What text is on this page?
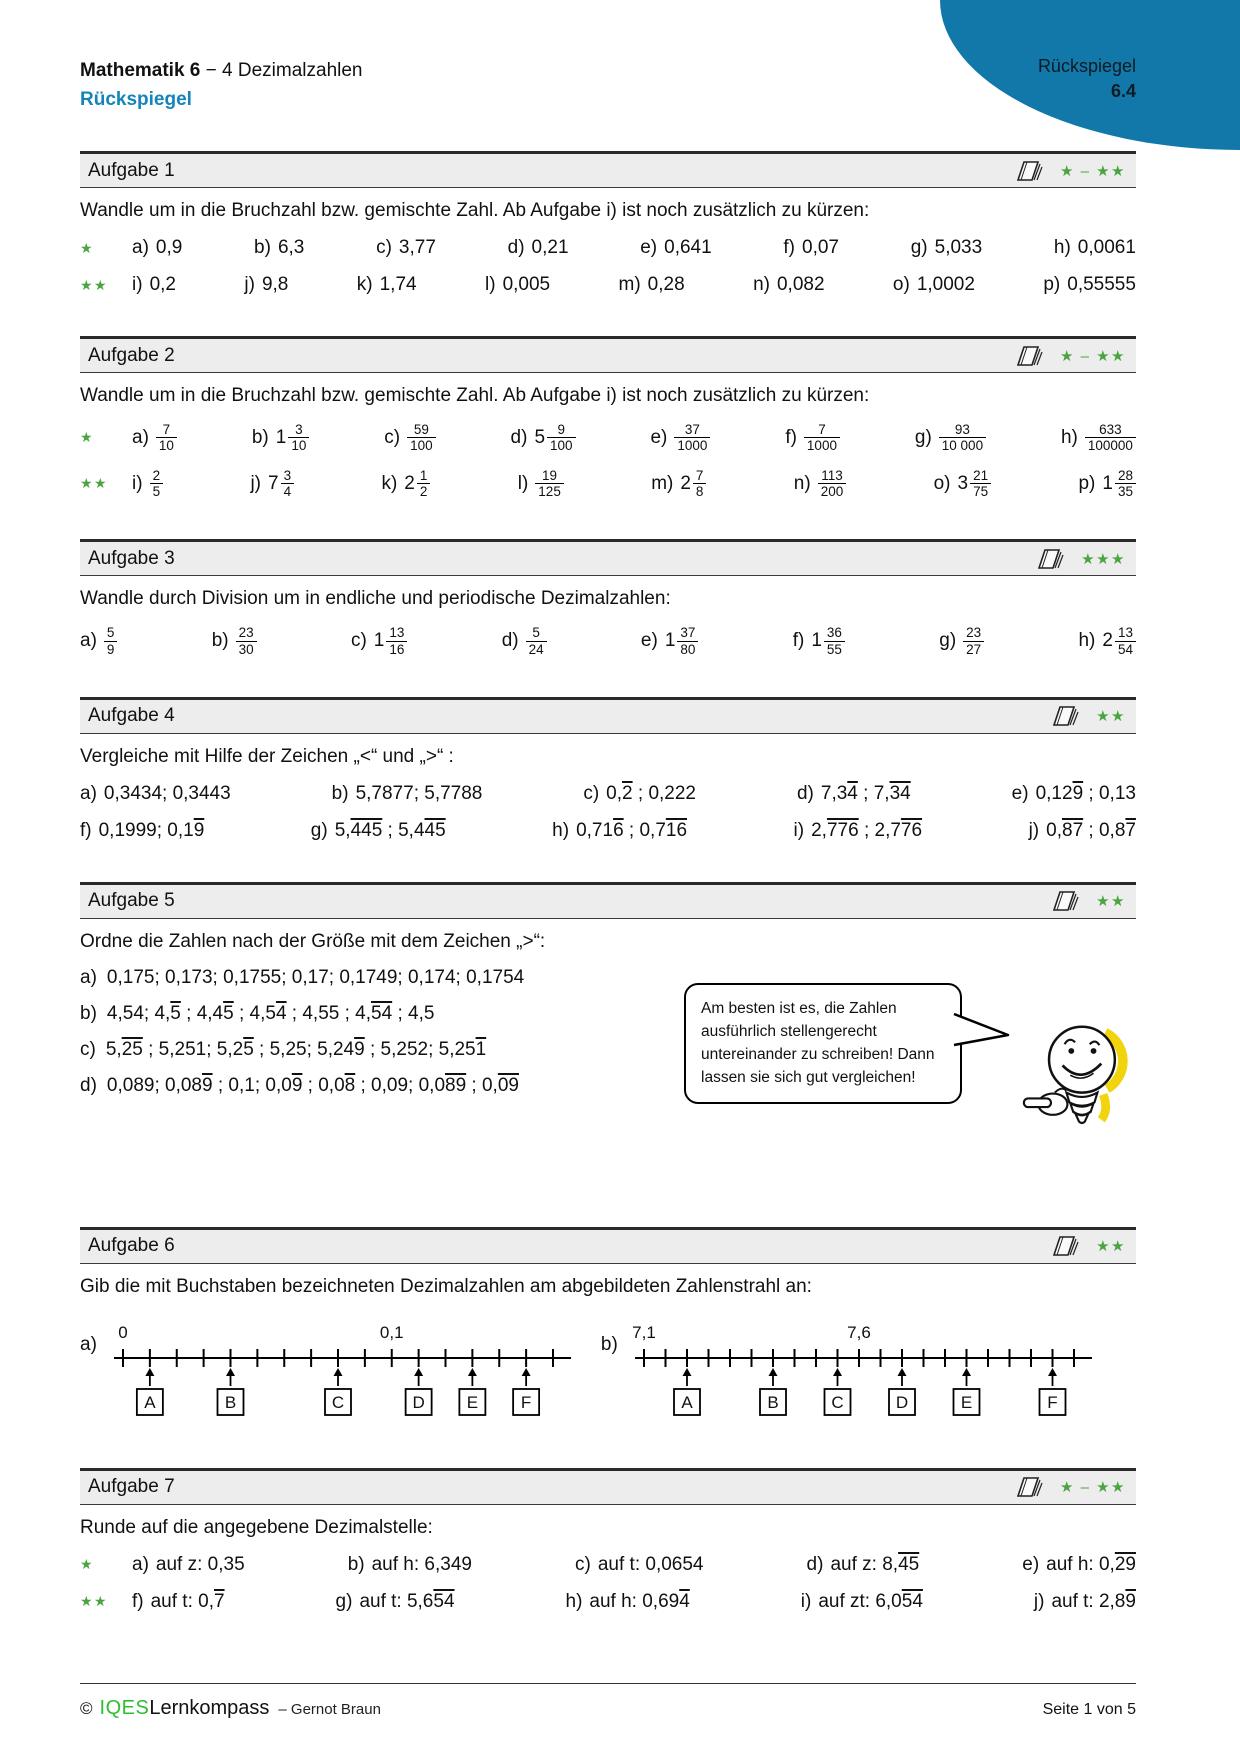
Rückspiegel
6.4
Mathematik 6 − 4 Dezimalzahlen
Rückspiegel
Aufgabe 1	★ – ★★

Wandle um in die Bruchzahl bzw. gemischte Zahl. Ab Aufgabe i) ist noch zusätzlich zu kürzen:

★	a) 0,9	b) 6,3	c) 3,77	d) 0,21	e) 0,641	f) 0,07	g) 5,033	h) 0,0061
★★	i) 0,2	j) 9,8	k) 1,74	l) 0,005	m) 0,28	n) 0,082	o) 1,0002	p) 0,55555
Aufgabe 2	★ – ★★

Wandle um in die Bruchzahl bzw. gemischte Zahl. Ab Aufgabe i) ist noch zusätzlich zu kürzen:

★	$a) \frac{7}{10}$	b) $1 \frac{3}{10}$	$c) \frac{59}{100}$	d) $5 \frac{9}{100}$	$e) \frac{37}{1000}$	$f) \frac{7}{1000}$	$g) \frac{93}{10 000}$	$h) \frac{633}{100000}$
★★	$i) \frac{2}{5}$	j) $7 \frac{3}{4}$	k) $2 \frac{1}{2}$	$l) \frac{19}{125}$	m) $2 \frac{7}{8}$	$n) \frac{113}{200}$	o) $3 \frac{21}{75}$	p) $1 \frac{28}{35}$
Aufgabe 3	★★★

Wandle durch Division um in endliche und periodische Dezimalzahlen:

$a) \frac{5}{9}$	$b) \frac{23}{30}$	c) $1 \frac{13}{16}$	$d) \frac{5}{24}$	e) $1 \frac{37}{80}$	f) $1 \frac{36}{55}$	$g) \frac{23}{27}$	h) $2 \frac{13}{54}$
Aufgabe 4	★★

Vergleiche mit Hilfe der Zeichen „<“ und „>“ :

a) 0,3434; 0,3443	b) 5,7877; 5,7788	c) 0,2 ; 0,222	d) 7,34 ; 7,34	e) 0,129 ; 0,13
f) 0,1999; 0,19	g) 5,445 ; 5,445	h) 0,716 ; 0,716	i) 2,776 ; 2,776	j) 0,87 ; 0,87
Aufgabe 5	★★

Ordne die Zahlen nach der Größe mit dem Zeichen „>“:

a) 0,175; 0,173; 0,1755; 0,17; 0,1749; 0,174; 0,1754
b) 4,54; 4,5 ; 4,45 ; 4,54 ; 4,55 ; 4,54 ; 4,5
c) 5,25 ; 5,251; 5,25 ; 5,25; 5,249 ; 5,252; 5,251
d) 0,089; 0,089 ; 0,1; 0,09 ; 0,08 ; 0,09; 0,089 ; 0,09
Am besten ist es, die Zahlen ausführlich stellengerecht untereinander zu schreiben! Dann lassen sie sich gut vergleichen!
Aufgabe 6	★★

Gib die mit Buchstaben bezeichneten Dezimalzahlen am abgebildeten Zahlenstrahl an:

a)
0	0,1
A	B	C	D E	F
b)
7,1	7,6
A	B	C	D	E	F
Aufgabe 7	★ – ★★

Runde auf die angegebene Dezimalstelle:

★	a) auf z: 0,35	b) auf h: 6,349	c) auf t: 0,0654	d) auf z: 8,45	e) auf h: 0,29
★★	f) auf t: 0,7	g) auf t: 5,654	h) auf h: 0,694	i) auf zt: 6,054	j) auf t: 2,89
© IQESLernkompass – Gernot Braun	Seite 1 von 5
